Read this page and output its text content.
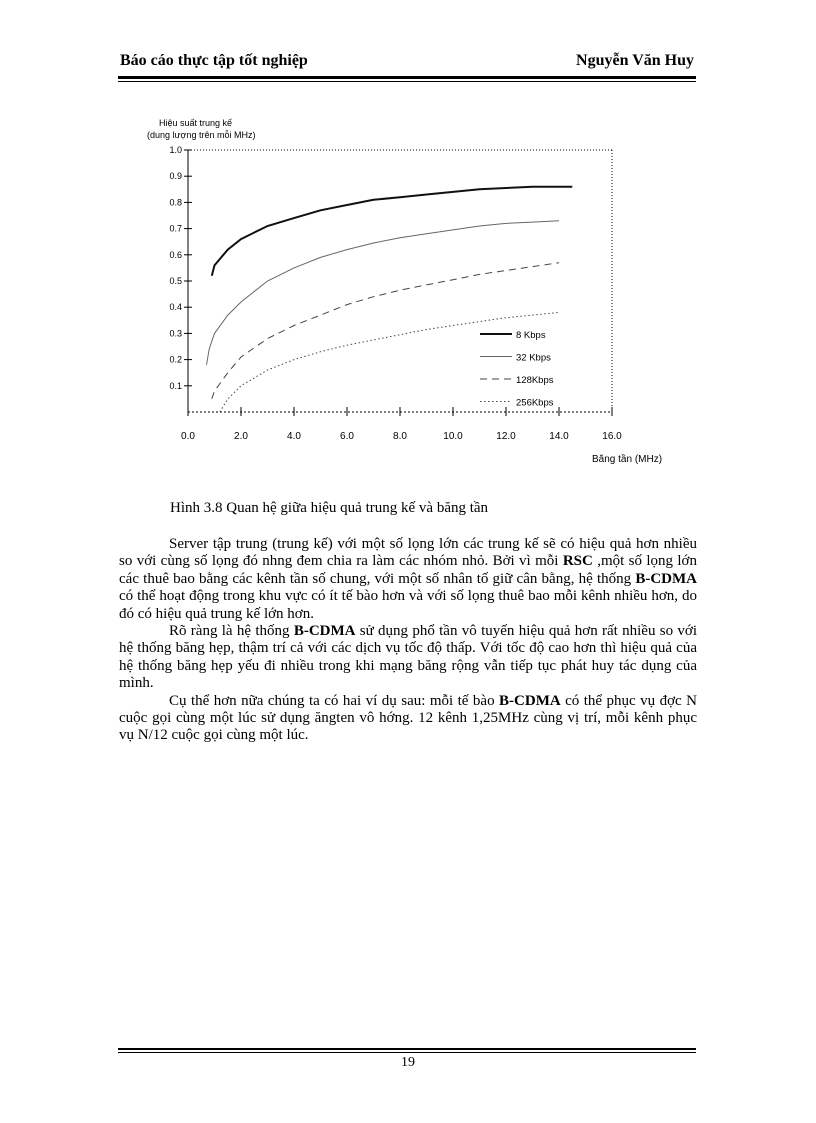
Báo cáo thực tập tốt nghiệp	Nguyễn Văn Huy
Hiệu suất trung kế
(dung lượng trên mỗi MHz)
0.1
0.2
0.3
0.4
0.5
0.6
0.7
0.8
0.9
1.0
0.0	2.0	4.0	6.0	8.0	10.0	12.0	14.0	16.0
8 Kbps
32 Kbps
128Kbps
256Kbps
Băng tần (MHz)
Hình 3.8 Quan hệ giữa hiệu quả trung kế và băng tần

Server tập trung (trung kế) với một số lọng lớn các trung kế sẽ có hiệu quả hơn nhiều so với cùng số lọng đó nhng đem chia ra làm các nhóm nhỏ. Bởi vì mỗi RSC ,một số lọng lớn các thuê bao bằng các kênh tần số chung, với một số nhân tố giữ cân bằng, hệ thống B-CDMA có thể hoạt động trong khu vực có ít tế bào hơn và với số lọng thuê bao mỗi kênh nhiều hơn, do đó có hiệu quả trung kế lớn hơn.

Rõ ràng là hệ thống B-CDMA sử dụng phổ tần vô tuyến hiệu quả hơn rất nhiều so với hệ thống băng hẹp, thậm trí cả với các dịch vụ tốc độ thấp. Với tốc độ cao hơn thì hiệu quả của hệ thống băng hẹp yếu đi nhiều trong khi mạng băng rộng vẫn tiếp tục phát huy tác dụng của mình.

Cụ thể hơn nữa chúng ta có hai ví dụ sau: mỗi tế bào B-CDMA có thể phục vụ đợc N cuộc gọi cùng một lúc sử dụng ăngten vô hớng. 12 kênh 1,25MHz cùng vị trí, mỗi kênh phục vụ N/12 cuộc gọi cùng một lúc.

19
